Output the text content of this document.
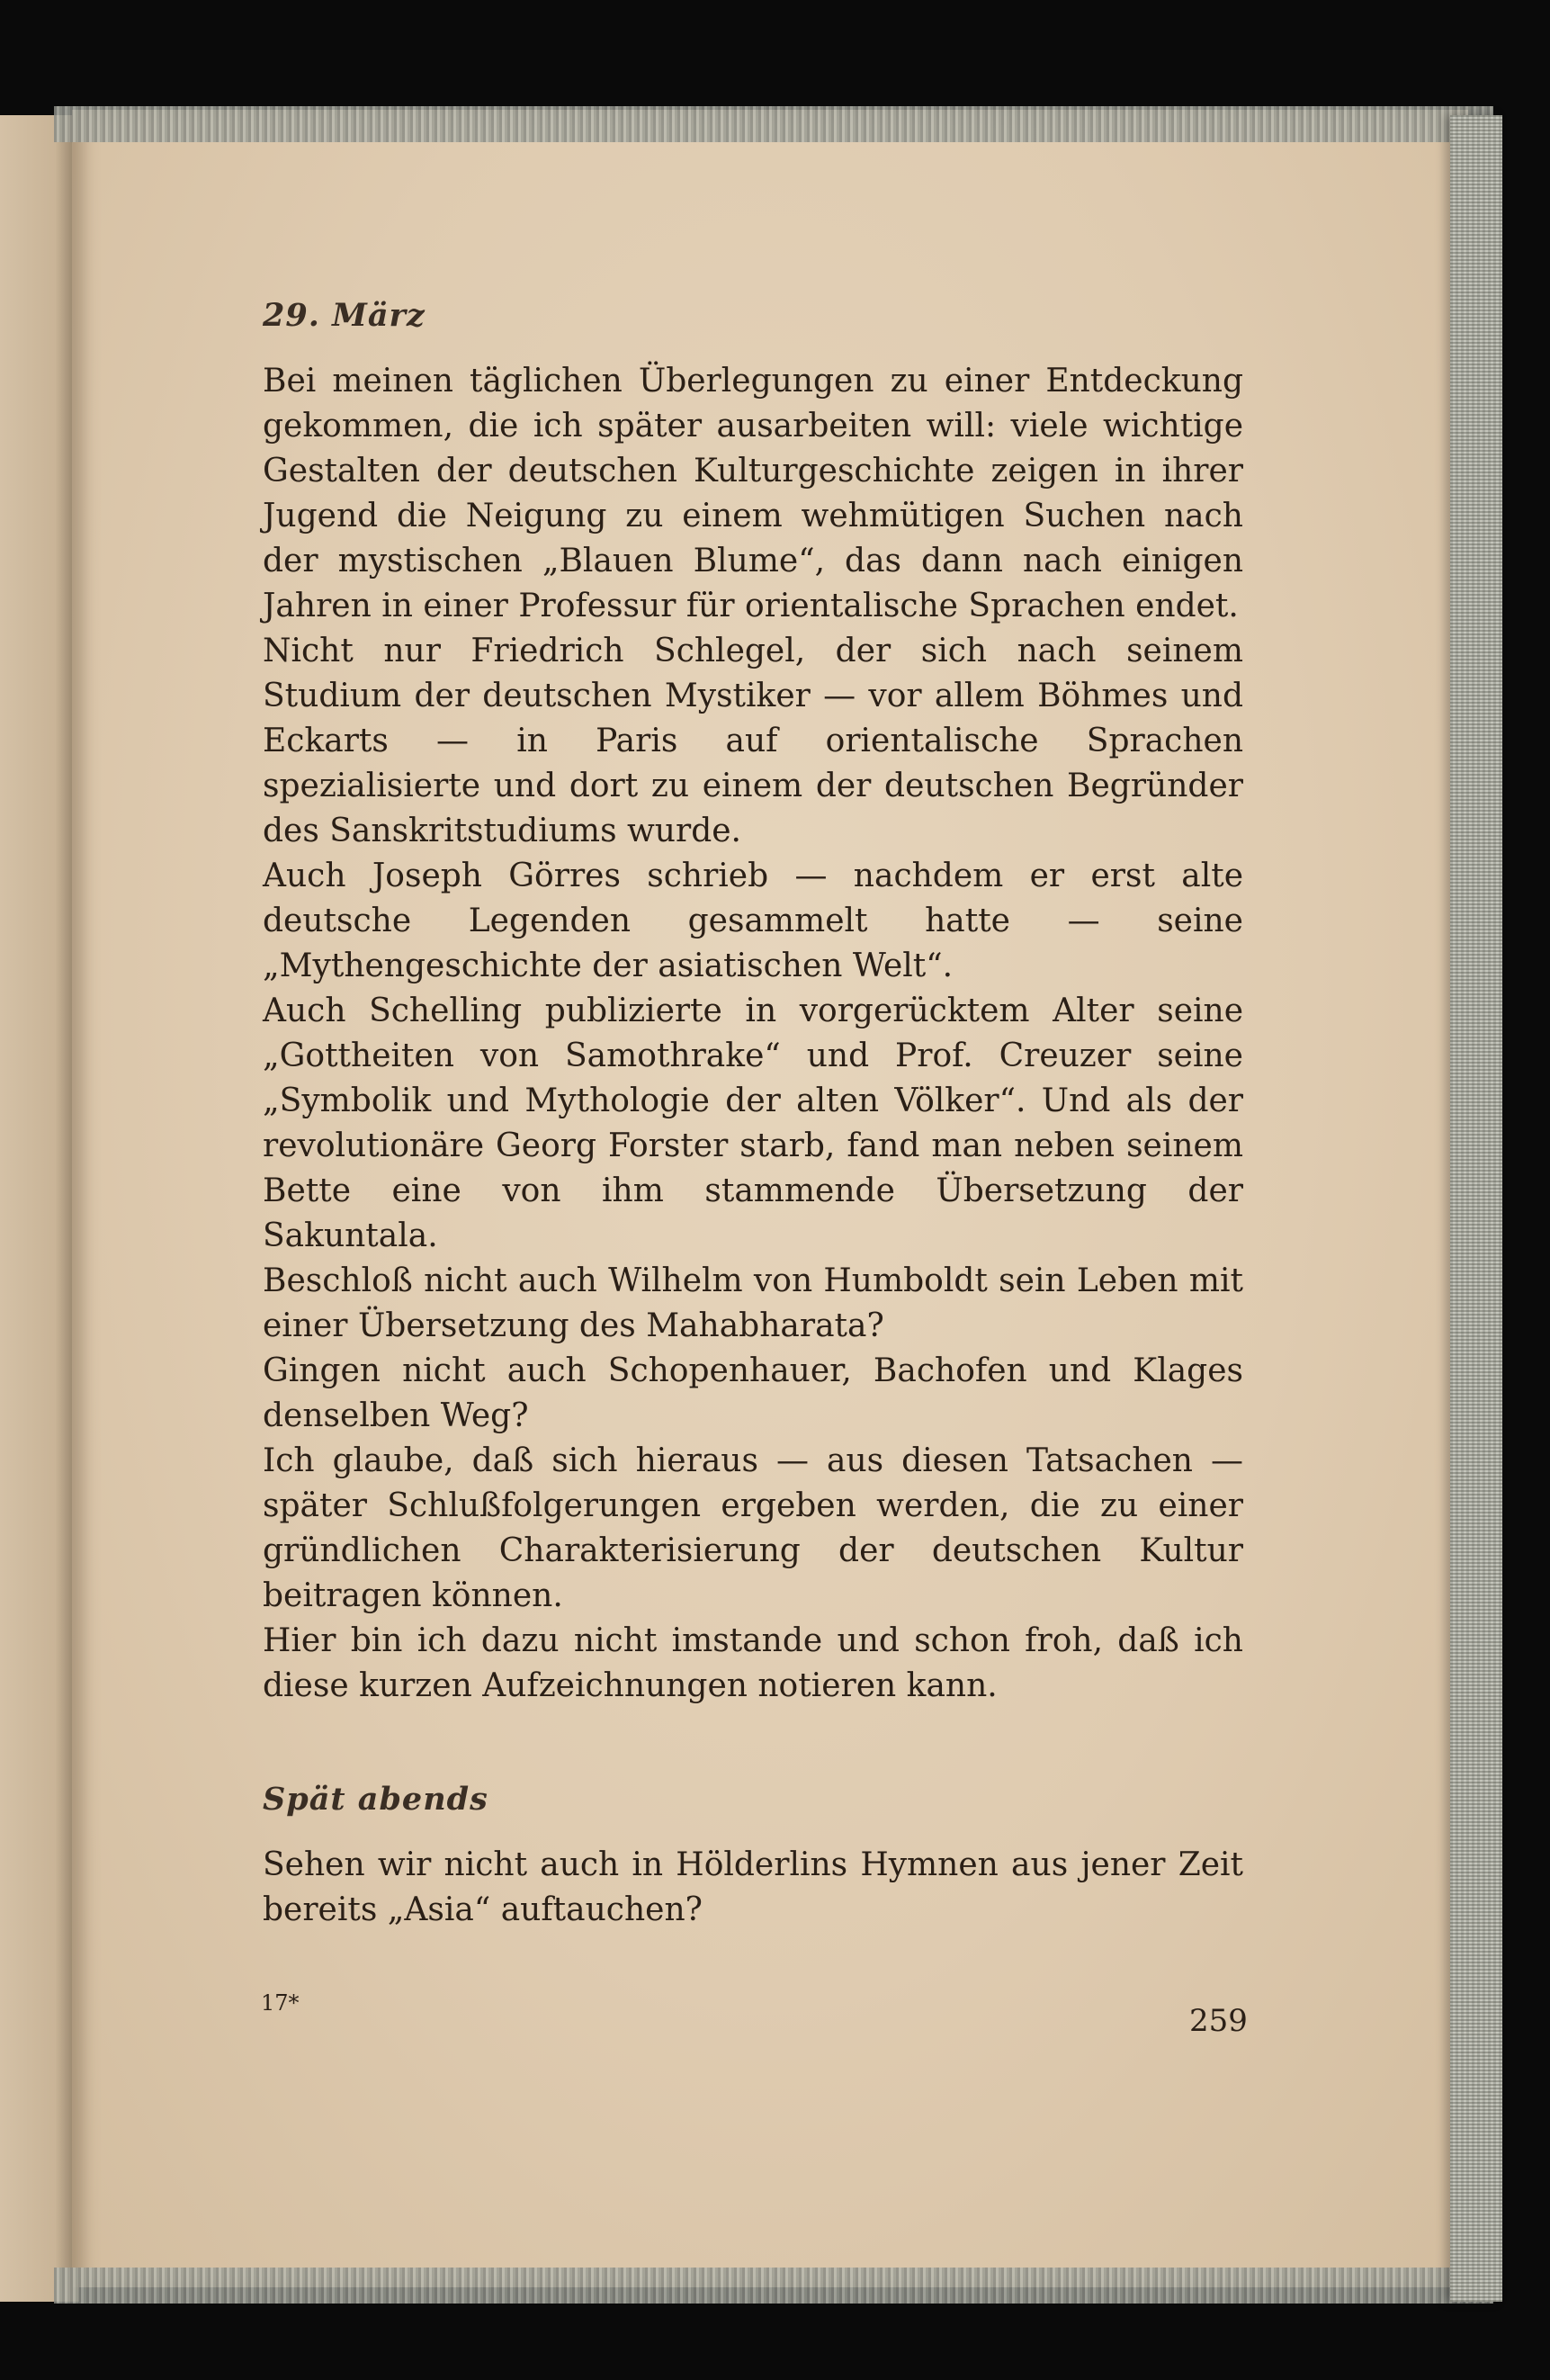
29. März

Bei meinen täglichen Überlegungen zu einer Entdeckung gekommen, die ich später ausarbeiten will: viele wichtige Gestalten der deutschen Kulturgeschichte zeigen in ihrer Jugend die Neigung zu einem wehmütigen Suchen nach der mystischen „Blauen Blume“, das dann nach einigen Jahren in einer Professur für orientalische Sprachen endet.

Nicht nur Friedrich Schlegel, der sich nach seinem Studium der deutschen Mystiker — vor allem Böhmes und Eckarts — in Paris auf orientalische Sprachen spezialisierte und dort zu einem der deutschen Begründer des Sanskritstudiums wurde.

Auch Joseph Görres schrieb — nachdem er erst alte deutsche Legenden gesammelt hatte — seine „Mythengeschichte der asiatischen Welt“.

Auch Schelling publizierte in vorgerücktem Alter seine „Gottheiten von Samothrake“ und Prof. Creuzer seine „Symbolik und Mythologie der alten Völker“. Und als der revolutionäre Georg Forster starb, fand man neben seinem Bette eine von ihm stammende Übersetzung der Sakuntala.

Beschloß nicht auch Wilhelm von Humboldt sein Leben mit einer Übersetzung des Mahabharata?

Gingen nicht auch Schopenhauer, Bachofen und Klages denselben Weg?

Ich glaube, daß sich hieraus — aus diesen Tatsachen — später Schlußfolgerungen ergeben werden, die zu einer gründlichen Charakterisierung der deutschen Kultur beitragen können.

Hier bin ich dazu nicht imstande und schon froh, daß ich diese kurzen Aufzeichnungen notieren kann.

Spät abends

Sehen wir nicht auch in Hölderlins Hymnen aus jener Zeit bereits „Asia“ auftauchen?

17*	259
